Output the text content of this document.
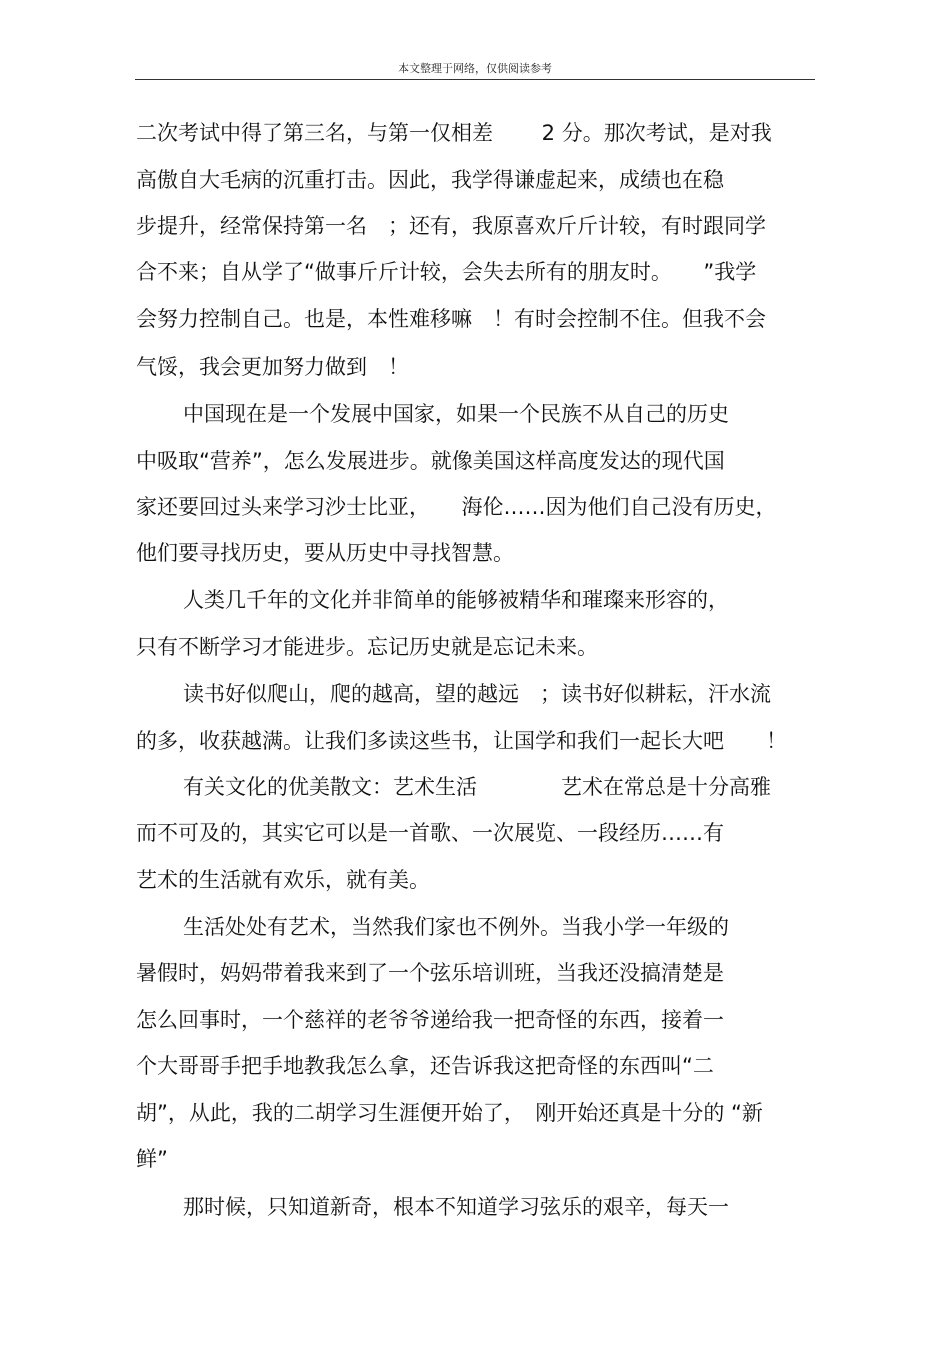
本文整理于网络，仅供阅读参考
二次考试中得了第三名，与第一仅相差　　 2 分。那次考试，是对我
高傲自大毛病的沉重打击。因此，我学得谦虚起来，成绩也在稳
步提升，经常保持第一名　；还有，我原喜欢斤斤计较，有时跟同学
合不来；自从学了“做事斤斤计较，会失去所有的朋友时。　　”我学
会努力控制自己。也是，本性难移嘛　！有时会控制不住。但我不会
气馁，我会更加努力做到　！
中国现在是一个发展中国家，如果一个民族不从自己的历史
中吸取“营养”，怎么发展进步。就像美国这样高度发达的现代国
家还要回过头来学习沙士比亚，　　海伦……因为他们自己没有历史，
他们要寻找历史，要从历史中寻找智慧。
人类几千年的文化并非简单的能够被精华和璀璨来形容的，
只有不断学习才能进步。忘记历史就是忘记未来。
读书好似爬山，爬的越高，望的越远　；读书好似耕耘，汗水流
的多，收获越满。让我们多读这些书，让国学和我们一起长大吧　　！
有关文化的优美散文：艺术生活　　　　艺术在常总是十分高雅
而不可及的，其实它可以是一首歌、一次展览、一段经历……有
艺术的生活就有欢乐，就有美。
生活处处有艺术，当然我们家也不例外。当我小学一年级的
暑假时，妈妈带着我来到了一个弦乐培训班，当我还没搞清楚是
怎么回事时，一个慈祥的老爷爷递给我一把奇怪的东西，接着一
个大哥哥手把手地教我怎么拿，还告诉我这把奇怪的东西叫“二
胡”，从此，我的二胡学习生涯便开始了，　刚开始还真是十分的 “新
鲜”
那时候，只知道新奇，根本不知道学习弦乐的艰辛，每天一
